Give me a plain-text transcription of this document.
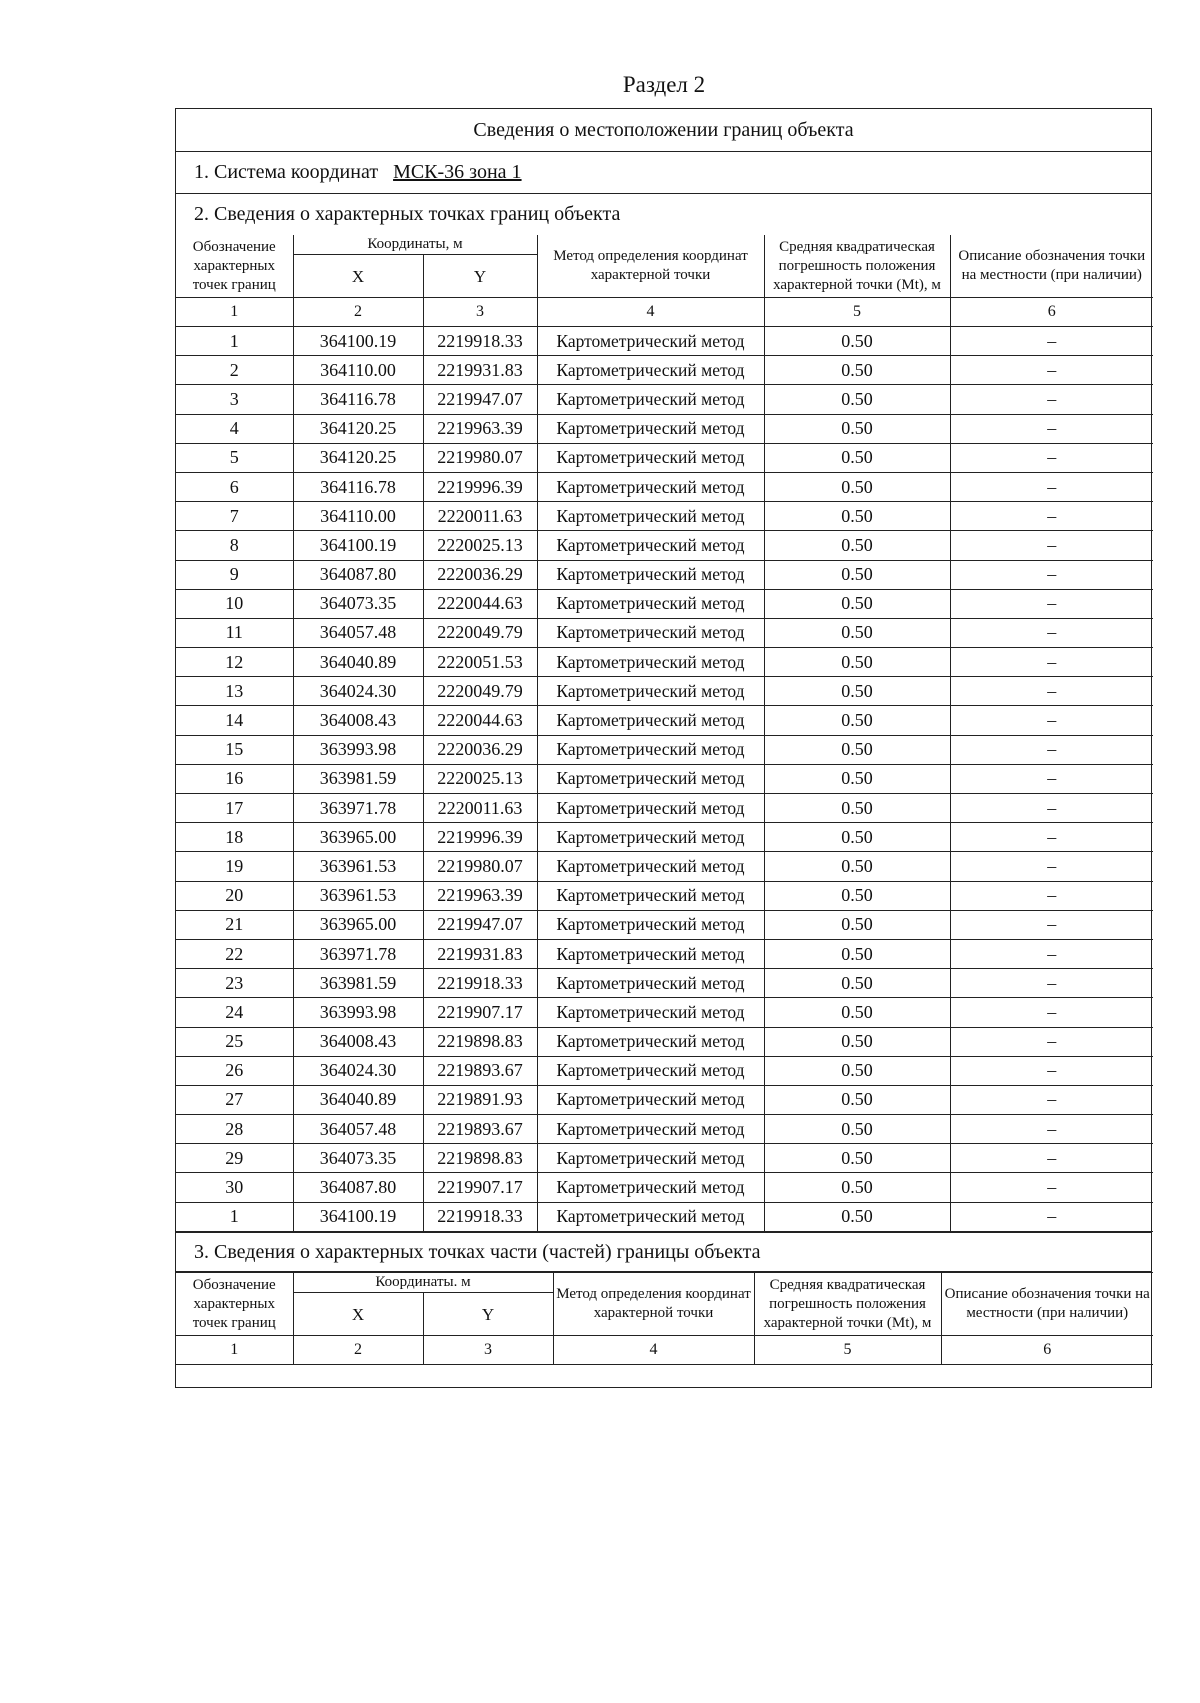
Раздел 2
Сведения о местоположении границ объекта
1. Система координат МСК-36 зона 1
2. Сведения о характерных точках границ объекта
Обозначение характерных точек границ	Координаты, м		Метод определения координат характерной точки	Средняя квадратическая погрешность положения характерной точки (Mt), м	Описание обозначения точки на местности (при наличии)
	X	Y			
1	2	3	4	5	6
1	364100.19	2219918.33	Картометрический метод	0.50	–
2	364110.00	2219931.83	Картометрический метод	0.50	–
3	364116.78	2219947.07	Картометрический метод	0.50	–
4	364120.25	2219963.39	Картометрический метод	0.50	–
5	364120.25	2219980.07	Картометрический метод	0.50	–
6	364116.78	2219996.39	Картометрический метод	0.50	–
7	364110.00	2220011.63	Картометрический метод	0.50	–
8	364100.19	2220025.13	Картометрический метод	0.50	–
9	364087.80	2220036.29	Картометрический метод	0.50	–
10	364073.35	2220044.63	Картометрический метод	0.50	–
11	364057.48	2220049.79	Картометрический метод	0.50	–
12	364040.89	2220051.53	Картометрический метод	0.50	–
13	364024.30	2220049.79	Картометрический метод	0.50	–
14	364008.43	2220044.63	Картометрический метод	0.50	–
15	363993.98	2220036.29	Картометрический метод	0.50	–
16	363981.59	2220025.13	Картометрический метод	0.50	–
17	363971.78	2220011.63	Картометрический метод	0.50	–
18	363965.00	2219996.39	Картометрический метод	0.50	–
19	363961.53	2219980.07	Картометрический метод	0.50	–
20	363961.53	2219963.39	Картометрический метод	0.50	–
21	363965.00	2219947.07	Картометрический метод	0.50	–
22	363971.78	2219931.83	Картометрический метод	0.50	–
23	363981.59	2219918.33	Картометрический метод	0.50	–
24	363993.98	2219907.17	Картометрический метод	0.50	–
25	364008.43	2219898.83	Картометрический метод	0.50	–
26	364024.30	2219893.67	Картометрический метод	0.50	–
27	364040.89	2219891.93	Картометрический метод	0.50	–
28	364057.48	2219893.67	Картометрический метод	0.50	–
29	364073.35	2219898.83	Картометрический метод	0.50	–
30	364087.80	2219907.17	Картометрический метод	0.50	–
1	364100.19	2219918.33	Картометрический метод	0.50	–
3. Сведения о характерных точках части (частей) границы объекта
Обозначение характерных точек границ	Координаты. м		Метод определения координат характерной точки	Средняя квадратическая погрешность положения характерной точки (Mt), м	Описание обозначения точки на местности (при наличии)
	X	Y			
1	2	3	4	5	6
